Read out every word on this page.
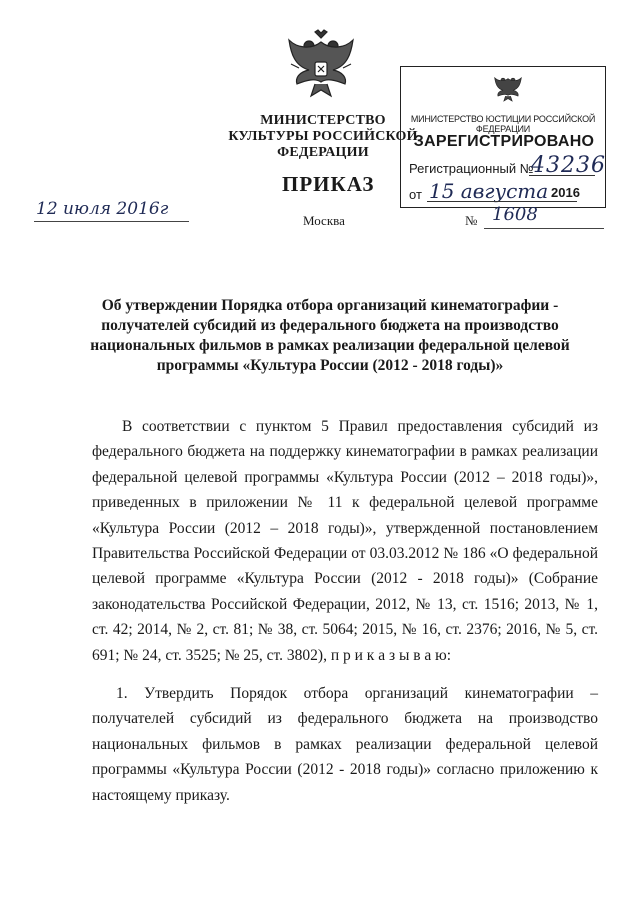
МИНИСТЕРСТВО КУЛЬТУРЫ РОССИЙСКОЙ ФЕДЕРАЦИИ
МИНИСТЕРСТВО ЮСТИЦИИ РОССИЙСКОЙ ФЕДЕРАЦИИ
ЗАРЕГИСТРИРОВАНО
Регистрационный №
43236
от 15 августа 2016
ПРИКАЗ
12 июля 2016г
Москва	№ 1608
Об утверждении Порядка отбора организаций кинематографии - получателей субсидий из федерального бюджета на производство национальных фильмов в рамках реализации федеральной целевой программы «Культура России (2012 - 2018 годы)»
В соответствии с пунктом 5 Правил предоставления субсидий из федерального бюджета на поддержку кинематографии в рамках реализации федеральной целевой программы «Культура России (2012 – 2018 годы)», приведенных в приложении № 11 к федеральной целевой программе «Культура России (2012 – 2018 годы)», утвержденной постановлением Правительства Российской Федерации от 03.03.2012 № 186 «О федеральной целевой программе «Культура России (2012 - 2018 годы)» (Собрание законодательства Российской Федерации, 2012, № 13, ст. 1516; 2013, № 1, ст. 42; 2014, № 2, ст. 81; № 38, ст. 5064; 2015, № 16, ст. 2376; 2016, № 5, ст. 691; № 24, ст. 3525; № 25, ст. 3802), п р и к а з ы в а ю:
1. Утвердить Порядок отбора организаций кинематографии – получателей субсидий из федерального бюджета на производство национальных фильмов в рамках реализации федеральной целевой программы «Культура России (2012 - 2018 годы)» согласно приложению к настоящему приказу.
